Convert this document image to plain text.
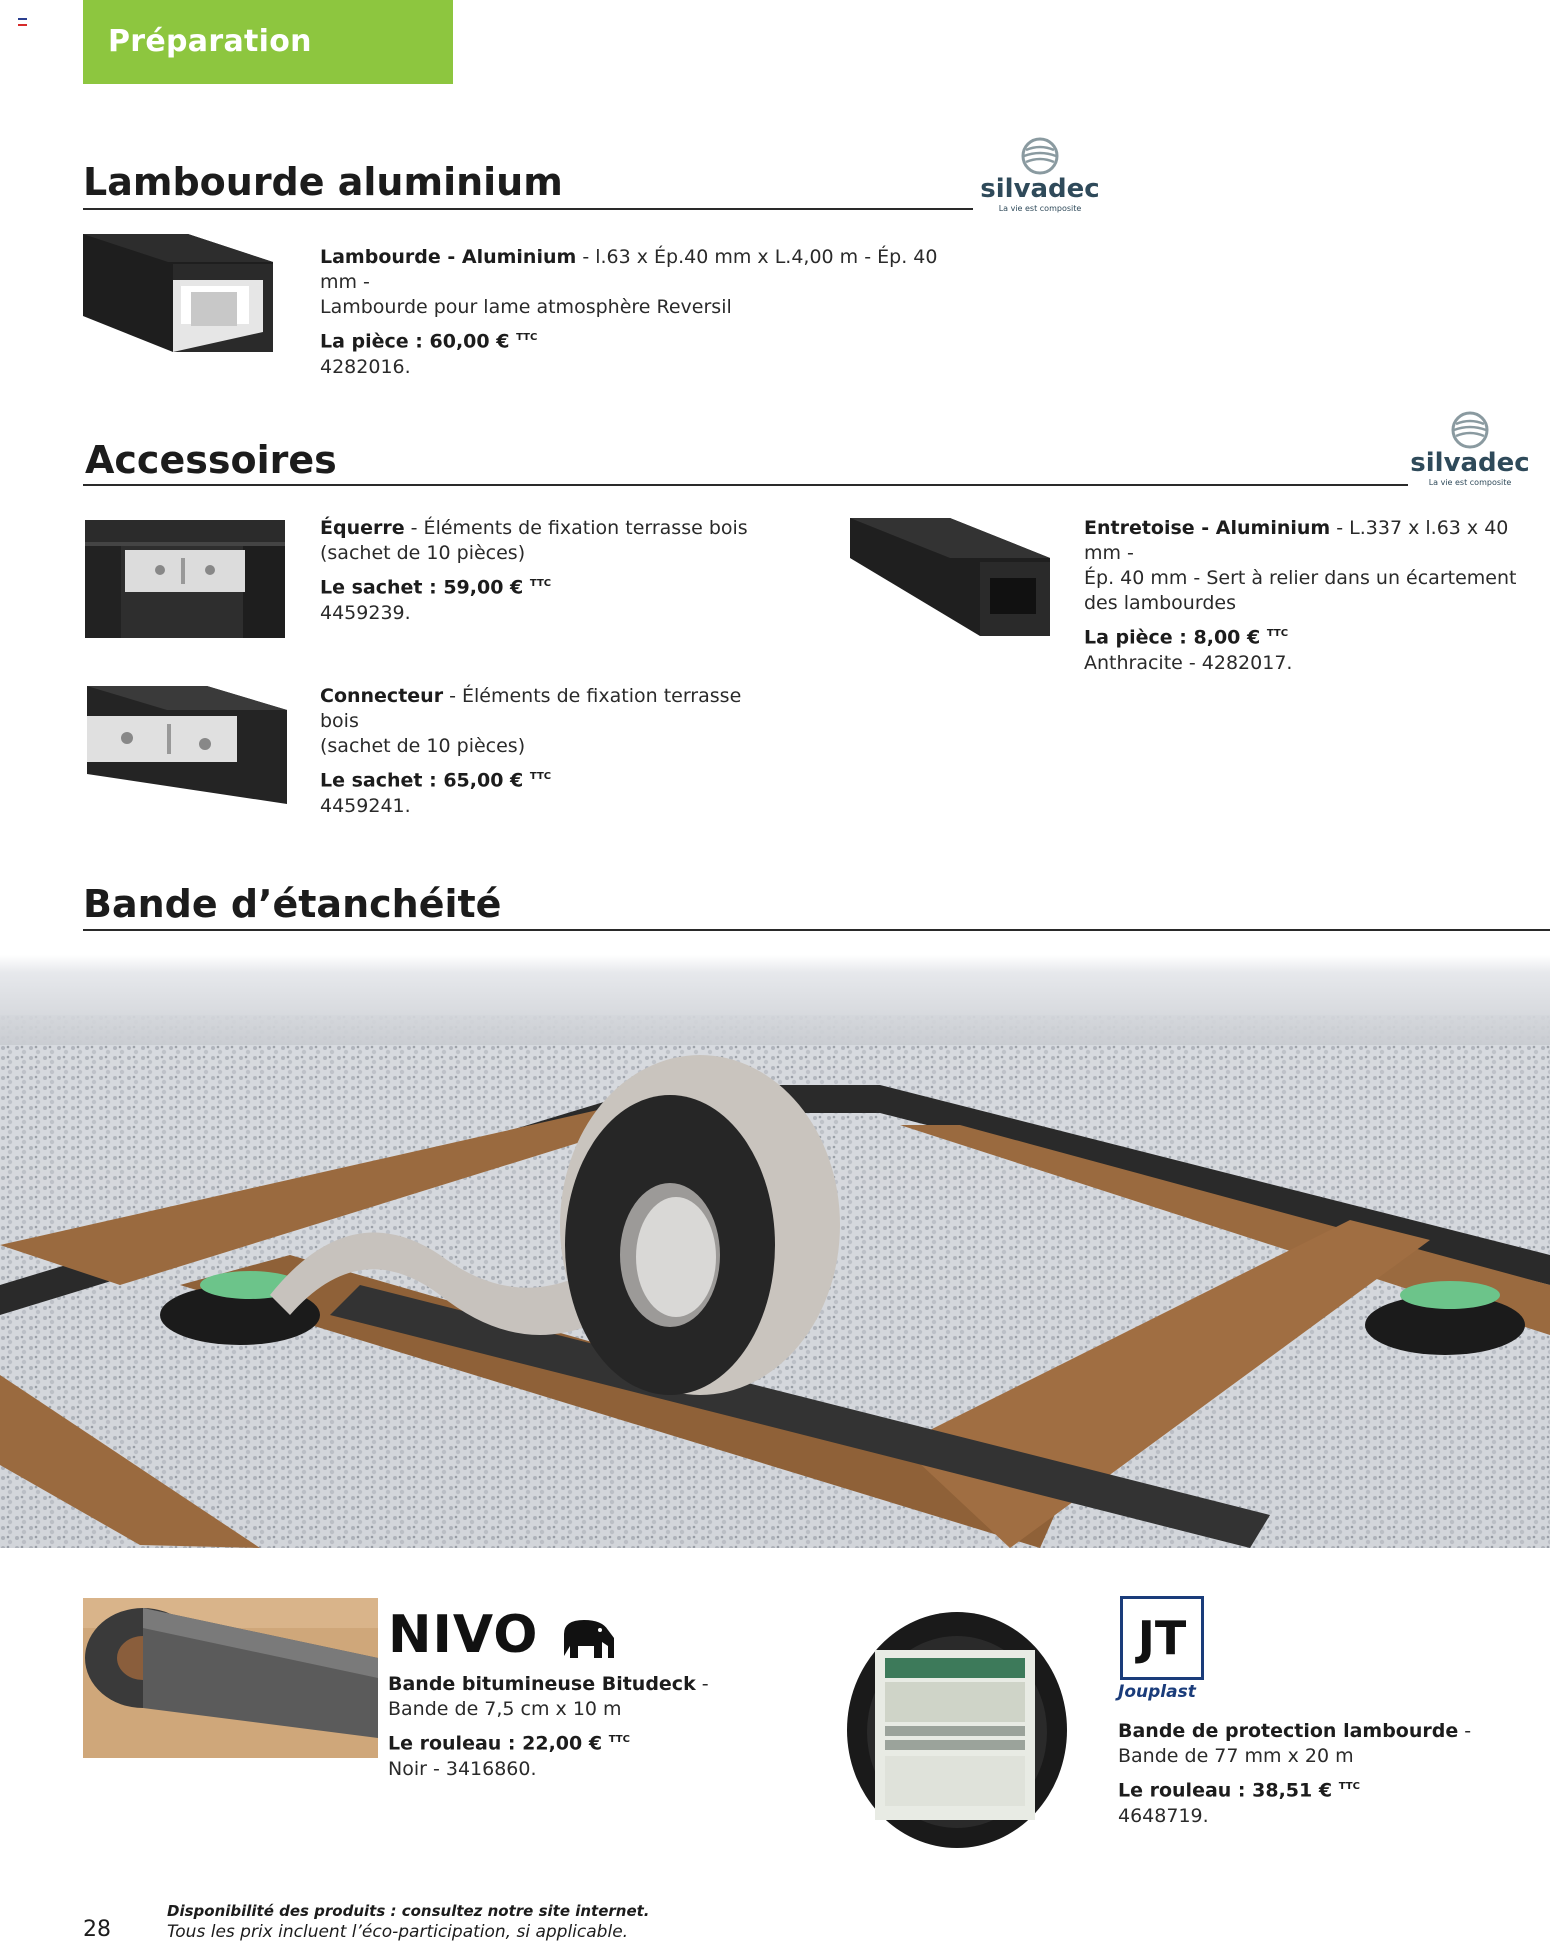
Préparation terrasse
Lambourde aluminium	silvadec
La vie est composite
Lambourde - Aluminium - l.63 x Ép.40 mm x L.4,00 m - Ép. 40 mm -
Lambourde pour lame atmosphère Reversil
La pièce : 60,00 € $^{TTC}$
4282016.
Accessoires	silvadec
La vie est composite
Équerre - Éléments de fixation terrasse bois
(sachet de 10 pièces)
Le sachet : 59,00 € $^{TTC}$
4459239.
Connecteur - Éléments de fixation terrasse bois
(sachet de 10 pièces)
Le sachet : 65,00 € $^{TTC}$
4459241.
Entretoise - Aluminium - L.337 x l.63 x 40 mm -
Ép. 40 mm - Sert à relier dans un écartement
des lambourdes
La pièce : 8,00 € $^{TTC}$
Anthracite - 4282017.
Bande d’étanchéité
NIVO
Bande bitumineuse Bitudeck -
Bande de 7,5 cm x 10 m
Le rouleau : 22,00 € $^{TTC}$
Noir - 3416860.
JT
Jouplast
Bande de protection lambourde -
Bande de 77 mm x 20 m
Le rouleau : 38,51 € $^{TTC}$
4648719.
28
Disponibilité des produits : consultez notre site internet.
Tous les prix incluent l’éco-participation, si applicable.
